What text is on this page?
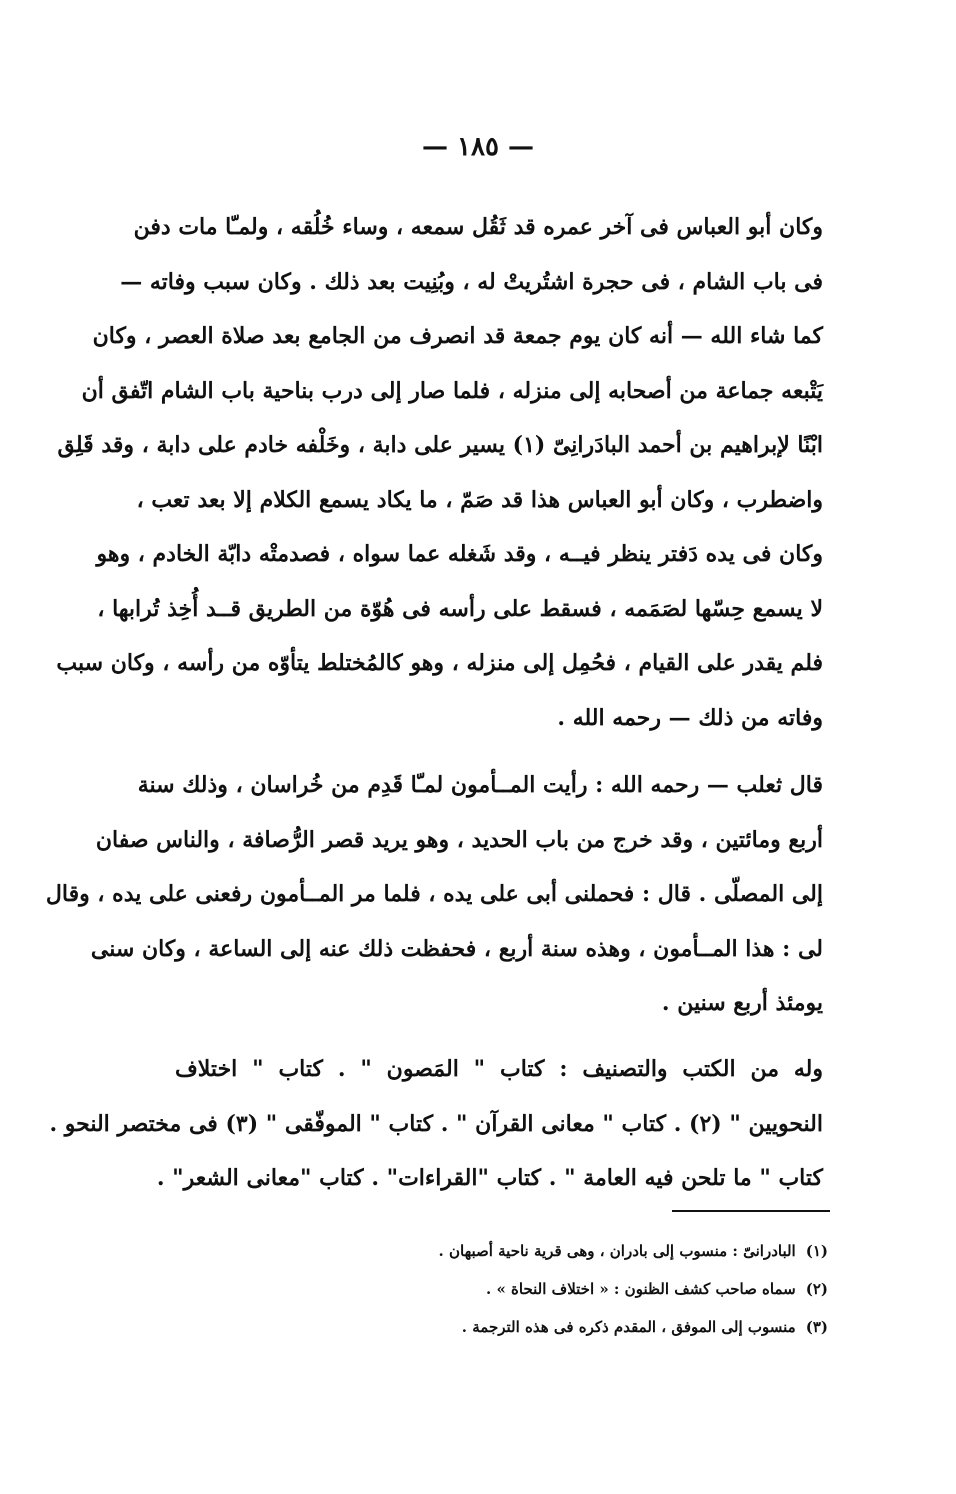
— ١٨٥ —
وكان أبو العباس فى آخر عمره قد ثَقُل سمعه ، وساء خُلُقه ، ولمـّا مات دفن
فى باب الشام ، فى حجرة اشتُريتْ له ، وبُنِيت بعد ذلك . وكان سبب وفاته —
كما شاء الله — أنه كان يوم جمعة قد انصرف من الجامع بعد صلاة العصر ، وكان
يَتْبعه جماعة من أصحابه إلى منزله ، فلما صار إلى درب بناحية باب الشام اتّفق أن
ابْنًا لإبراهيم بن أحمد البادَرانِىّ (١) يسير على دابة ، وخَلْفه خادم على دابة ، وقد قَلِق
واضطرب ، وكان أبو العباس هذا قد صَمّ ، ما يكاد يسمع الكلام إلا بعد تعب ،
وكان فى يده دَفتر ينظر فيــه ، وقد شَغله عما سواه ، فصدمتْه دابّة الخادم ، وهو
لا يسمع حِسّها لصَمَمه ، فسقط على رأسه فى هُوّة من الطريق قــد أُخِذ تُرابها ،
فلم يقدر على القيام ، فحُمِل إلى منزله ، وهو كالمُختلط يتأوّه من رأسه ، وكان سبب
وفاته من ذلك — رحمه الله .
قال ثعلب — رحمه الله : رأيت المــأمون لمـّا قَدِم من خُراسان ، وذلك سنة
أربع ومائتين ، وقد خرج من باب الحديد ، وهو يريد قصر الرُّصافة ، والناس صفان
إلى المصلّى . قال : فحملنى أبى على يده ، فلما مر المــأمون رفعنى على يده ، وقال
لى : هذا المــأمون ، وهذه سنة أربع ، فحفظت ذلك عنه إلى الساعة ، وكان سنى
يومئذ أربع سنين .
وله من الكتب والتصنيف : كتاب " المَصون " . كتاب " اختلاف
النحويين " (٢) . كتاب " معانى القرآن " . كتاب " الموفّقى " (٣) فى مختصر النحو .
كتاب " ما تلحن فيه العامة " . كتاب "القراءات" . كتاب "معانى الشعر" .
(١)البادرانىّ : منسوب إلى بادران ، وهى قرية ناحية أصبهان .
(٢)سماه صاحب كشف الظنون : « اختلاف النحاة » .
(٣)منسوب إلى الموفق ، المقدم ذكره فى هذه الترجمة .
